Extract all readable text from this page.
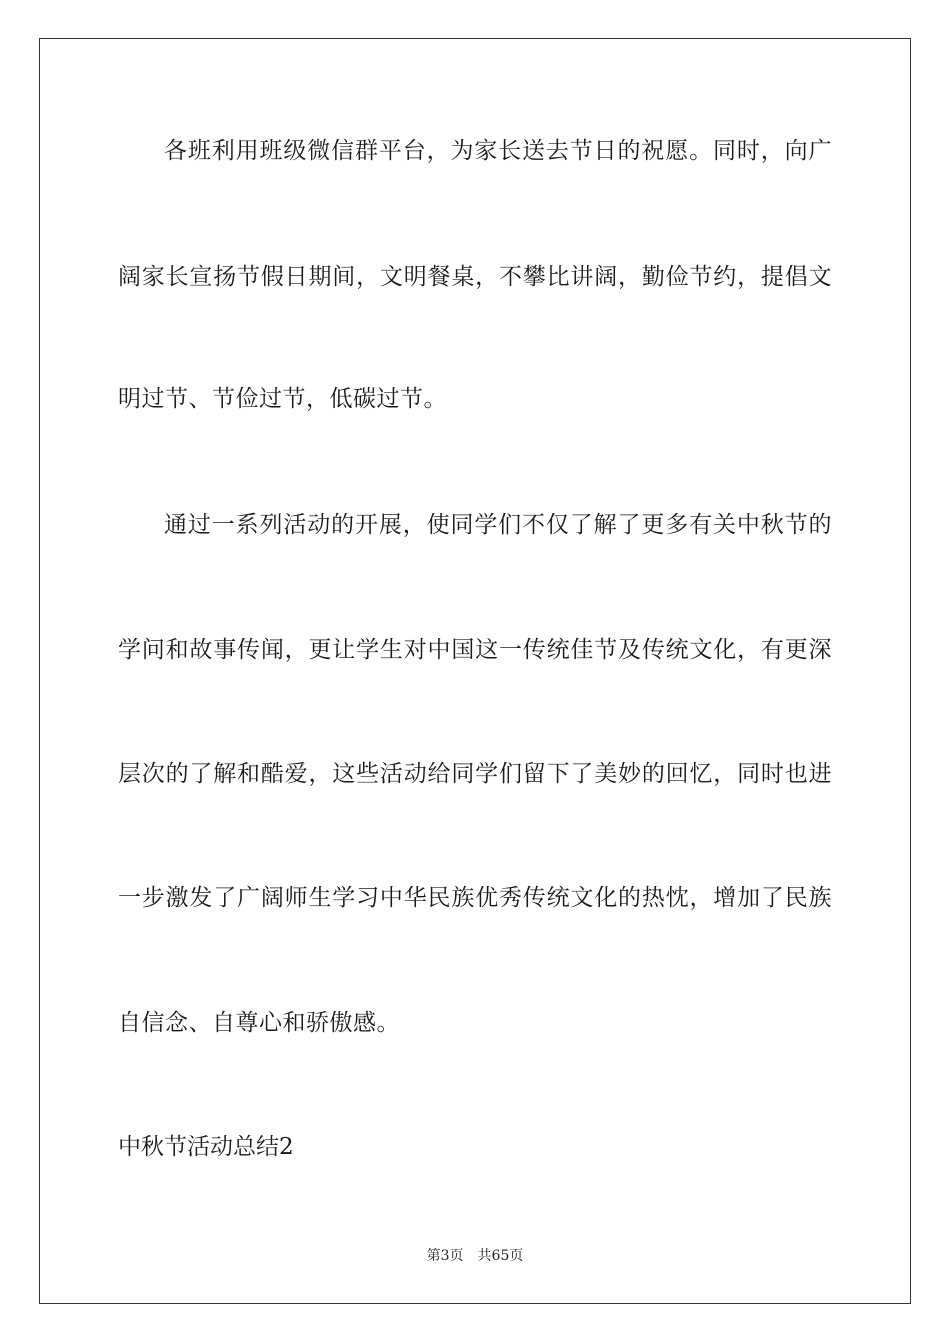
各班利用班级微信群平台，为家长送去节日的祝愿。同时，向广
阔家长宣扬节假日期间，文明餐桌，不攀比讲阔，勤俭节约，提倡文
明过节、节俭过节，低碳过节。
通过一系列活动的开展，使同学们不仅了解了更多有关中秋节的
学问和故事传闻，更让学生对中国这一传统佳节及传统文化，有更深
层次的了解和酷爱，这些活动给同学们留下了美妙的回忆，同时也进
一步激发了广阔师生学习中华民族优秀传统文化的热忱，增加了民族
自信念、自尊心和骄傲感。
中秋节活动总结2
第3页 共65页
